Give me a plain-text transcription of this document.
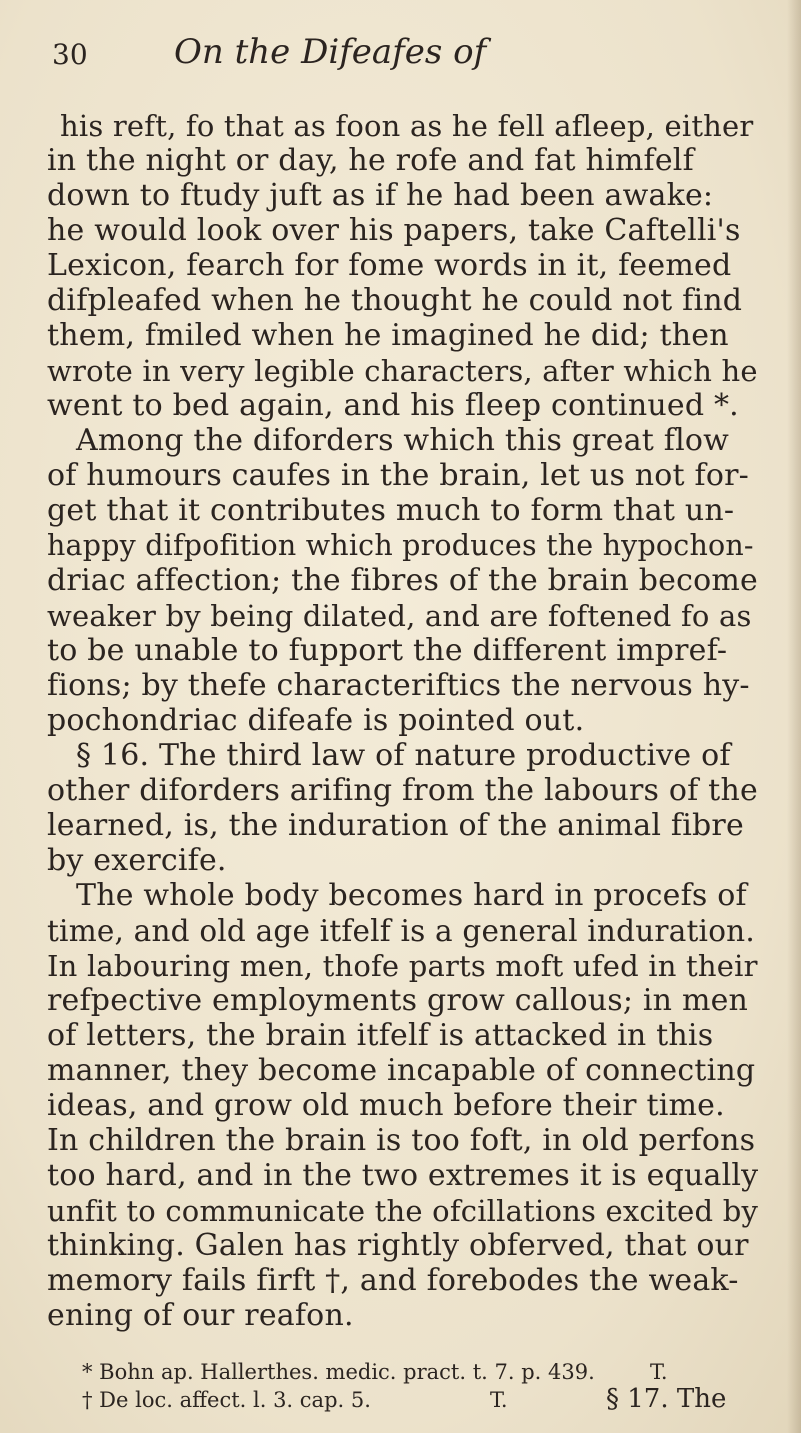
30	On the Difeafes of
his reft, fo that as foon as he fell afleep, either
in the night or day, he rofe and fat himfelf
down to ftudy juft as if he had been awake:
he would look over his papers, take Caftelli's
Lexicon, fearch for fome words in it, feemed
difpleafed when he thought he could not find
them, fmiled when he imagined he did; then
wrote in very legible characters, after which he
went to bed again, and his fleep continued *.
Among the diforders which this great flow
of humours caufes in the brain, let us not for-
get that it contributes much to form that un-
happy difpofition which produces the hypochon-
driac affection; the fibres of the brain become
weaker by being dilated, and are foftened fo as
to be unable to fupport the different impref-
fions; by thefe characteriftics the nervous hy-
pochondriac difeafe is pointed out.
§ 16. The third law of nature productive of
other diforders arifing from the labours of the
learned, is, the induration of the animal fibre
by exercife.
The whole body becomes hard in procefs of
time, and old age itfelf is a general induration.
In labouring men, thofe parts moft ufed in their
refpective employments grow callous; in men
of letters, the brain itfelf is attacked in this
manner, they become incapable of connecting
ideas, and grow old much before their time.
In children the brain is too foft, in old perfons
too hard, and in the two extremes it is equally
unfit to communicate the ofcillations excited by
thinking. Galen has rightly obferved, that our
memory fails firft †, and forebodes the weak-
ening of our reafon.
* Bohn ap. Hallerthes. medic. pract. t. 7. p. 439.	T.
† De loc. affect. l. 3. cap. 5.	T.	§ 17. The
